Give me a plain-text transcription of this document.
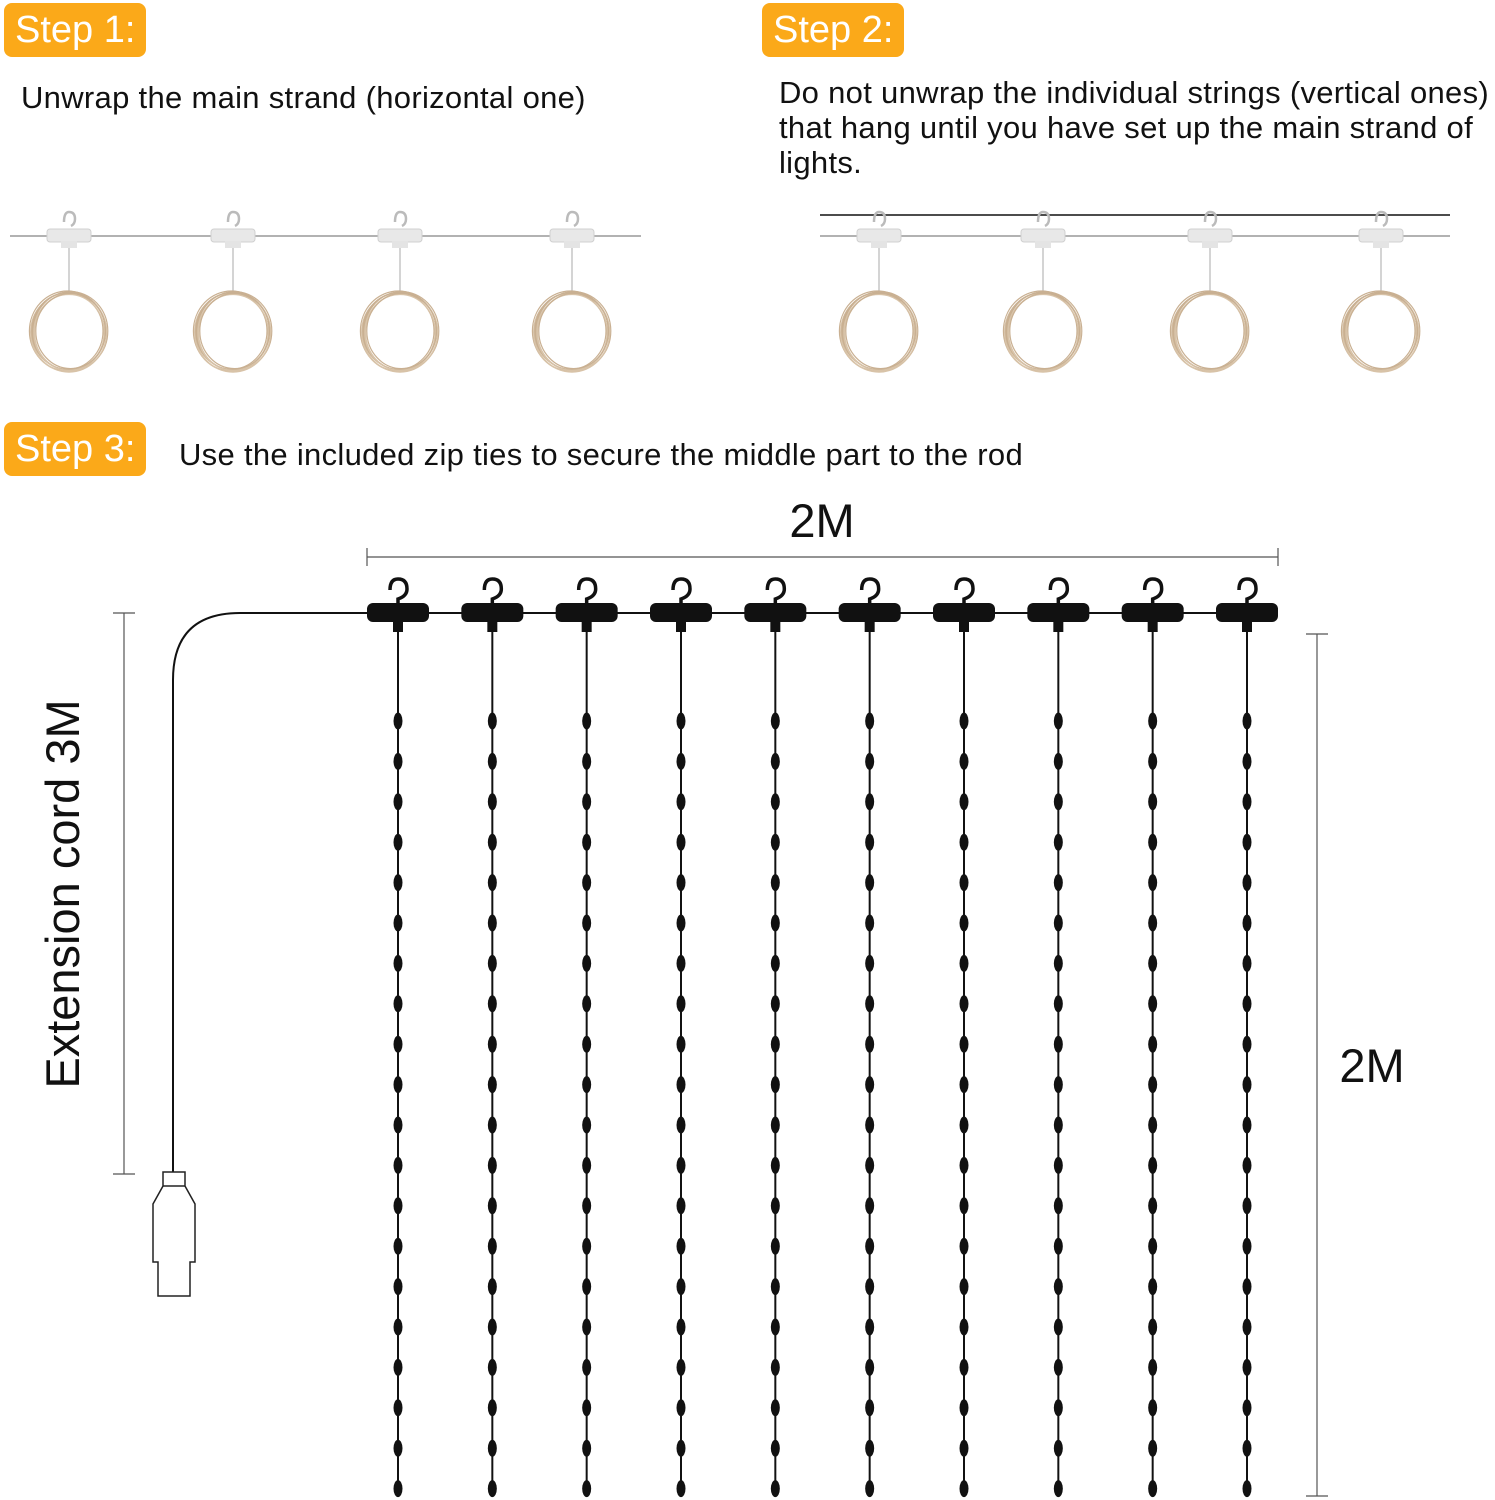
Step 1:	Step 2:
Step 3:
Unwrap the main strand (horizontal one)	Do not unwrap the individual strings (vertical ones) that hang until you have set up the main strand of lights.
Use the included zip ties to secure the middle part to the rod
2M
2M
Extension cord 3M
